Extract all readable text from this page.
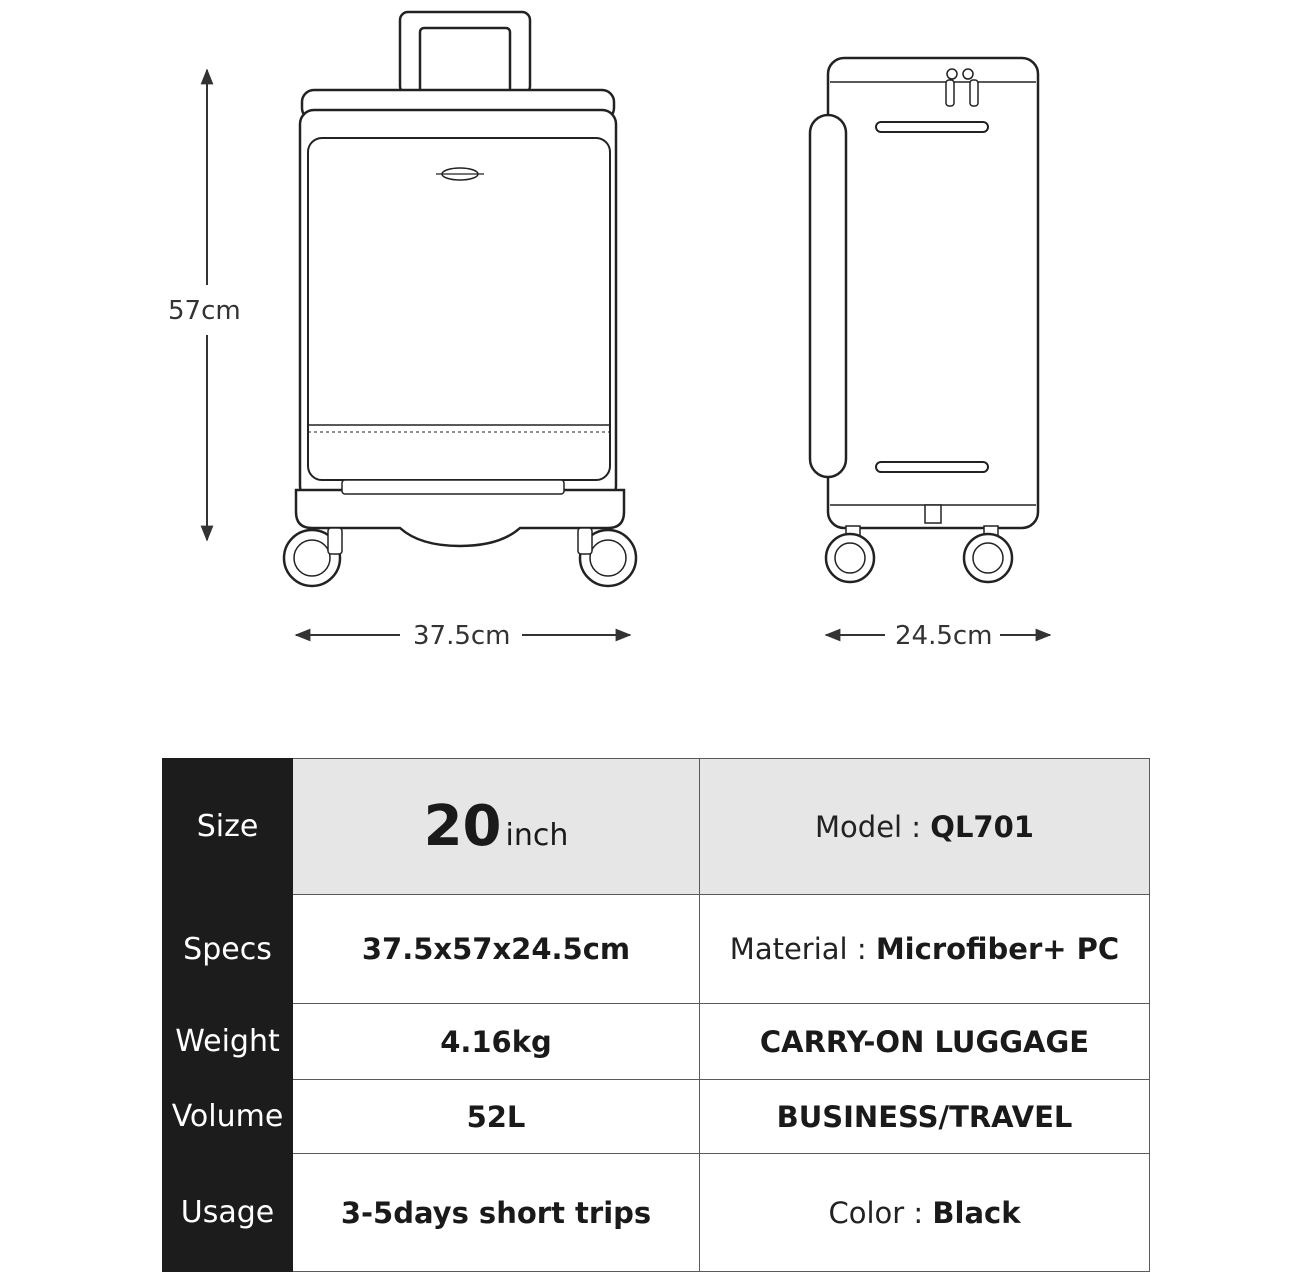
57cm
37.5cm	24.5cm
Size	20 inch	Model : QL701
Specs	37.5x57x24.5cm	Material : Microfiber+ PC
Weight	4.16kg	CARRY-ON LUGGAGE
Volume	52L	BUSINESS/TRAVEL
Usage	3-5days short trips	Color : Black
